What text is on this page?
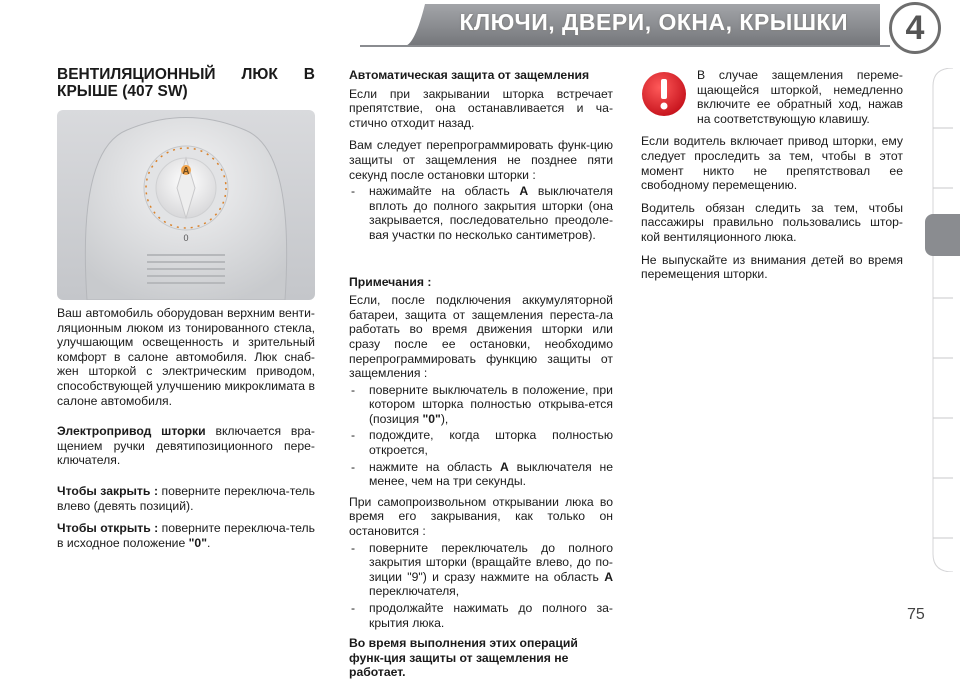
КЛЮЧИ, ДВЕРИ, ОКНА, КРЫШКИ	4

ВЕНТИЛЯЦИОННЫЙ ЛЮК В КРЫШЕ (407 SW)

A
0

Ваш автомобиль оборудован верхним венти-ляционным люком из тонированного стекла, улучшающим освещенность и зрительный комфорт в салоне автомобиля. Люк снаб-жен шторкой с электрическим приводом, способствующей улучшению микроклимата в салоне автомобиля.

Электропривод шторки включается вра-щением ручки девятипозиционного пере-ключателя.

Чтобы закрыть : поверните переключа-тель влево (девять позиций).

Чтобы открыть : поверните переключа-тель в исходное положение "0".

Автоматическая защита от защемления

Если при закрывании шторка встречает препятствие, она останавливается и ча-стично отходит назад.

Вам следует перепрограммировать функ-цию защиты от защемления не позднее пяти секунд после остановки шторки :

- нажимайте на область A выключателя вплоть до полного закрытия шторки (она закрывается, последовательно преодоле-вая участки по несколько сантиметров).

Примечания :

Если, после подключения аккумуляторной батареи, защита от защемления переста-ла работать во время движения шторки или сразу после ее остановки, необходимо перепрограммировать функцию защиты от защемления :

- поверните выключатель в положение, при котором шторка полностью открыва-ется (позиция "0"),
- подождите, когда шторка полностью откроется,
- нажмите на область A выключателя не менее, чем на три секунды.

При самопроизвольном открывании люка во время его закрывания, как только он остановится :

- поверните переключатель до полного закрытия шторки (вращайте влево, до по-зиции "9") и сразу нажмите на область A переключателя,
- продолжайте нажимать до полного за-крытия люка.

Во время выполнения этих операций функ-ция защиты от защемления не работает.

В случае защемления переме-щающейся шторкой, немедленно включите ее обратный ход, нажав на соответствующую клавишу.

Если водитель включает привод шторки, ему следует проследить за тем, чтобы в этот момент никто не препятствовал ее свободному перемещению.

Водитель обязан следить за тем, чтобы пассажиры правильно пользовались штор-кой вентиляционного люка.

Не выпускайте из внимания детей во время перемещения шторки.

75
